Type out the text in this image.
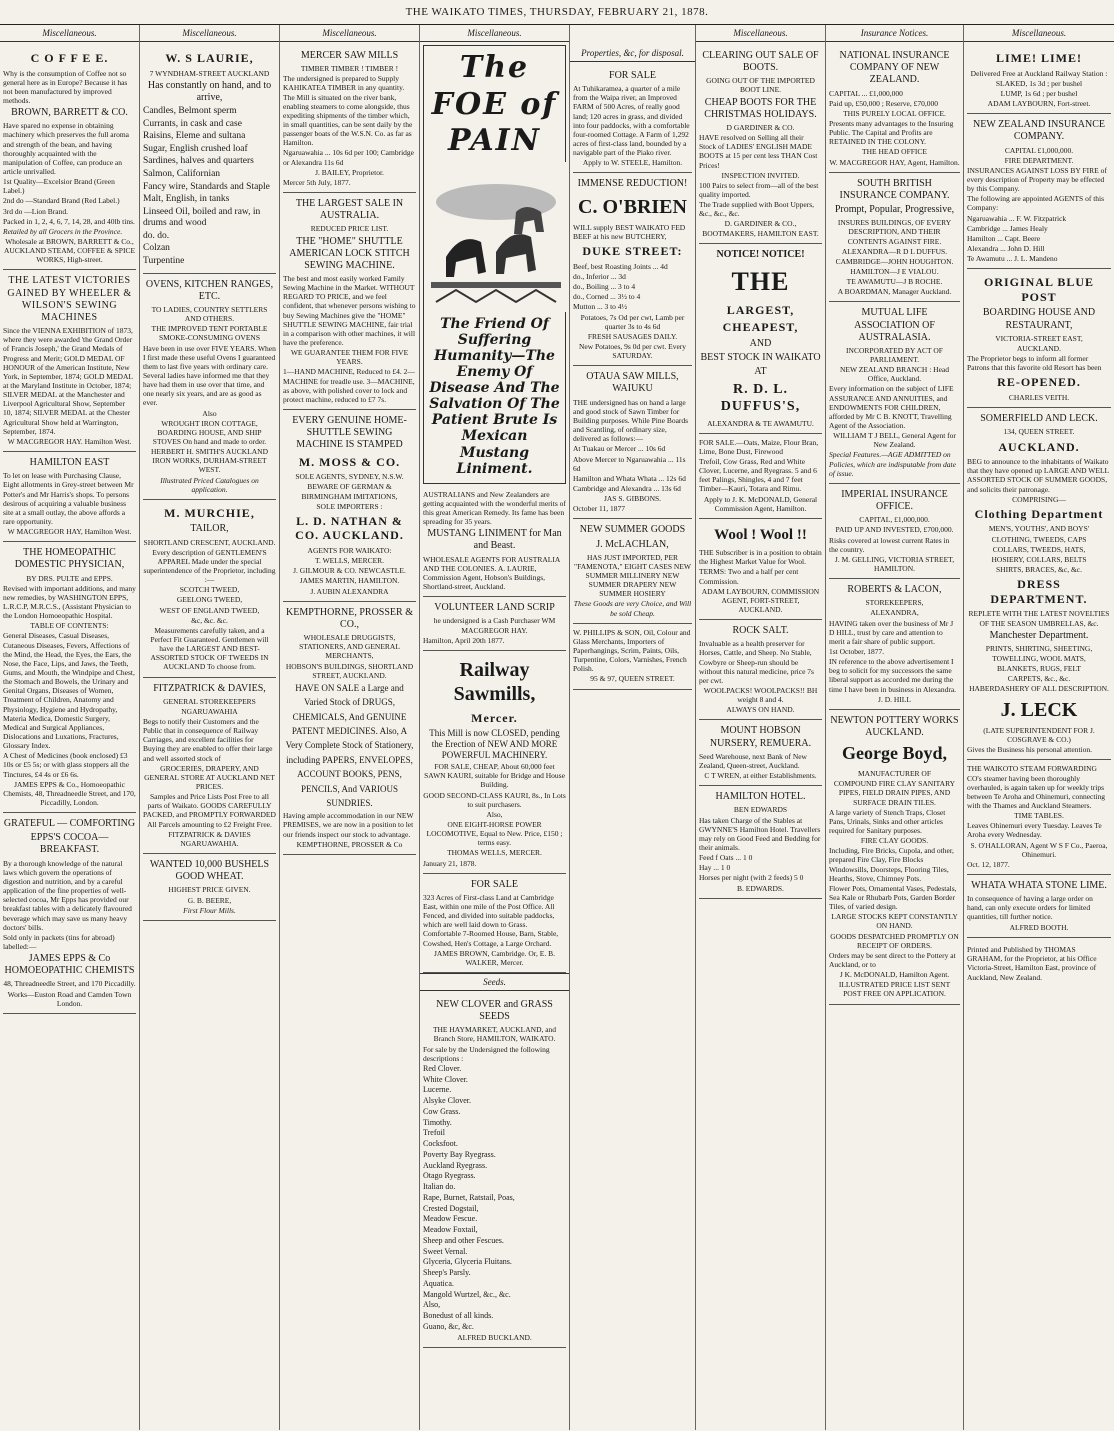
THE WAIKATO TIMES, THURSDAY, FEBRUARY 21, 1878.
Miscellaneous.
C O F F E E.

Why is the consumption of Coffee not so general here as in Europe? Because it has not been manufactured by improved methods.

BROWN, BARRETT & CO.

Have spared no expense in obtaining machinery which preserves the full aroma and strength of the bean, and having thoroughly acquainted with the manipulation of Coffee, can produce an article unrivalled.

1st Quality—Excelsior Brand (Green Label.)

2nd do —Standard Brand (Red Label.)

3rd do —Lion Brand.

Packed in 1, 2, 4, 6, 7, 14, 28, and 40lb tins.

Retailed by all Grocers in the Province.

Wholesale at BROWN, BARRETT & Co., AUCKLAND STEAM, COFFEE & SPICE WORKS, High-street.

THE LATEST VICTORIES GAINED BY WHEELER & WILSON'S SEWING MACHINES

Since the VIENNA EXHIBITION of 1873, where they were awarded 'the Grand Order of Francis Joseph,' the Grand Medals of Progress and Merit; GOLD MEDAL OF HONOUR of the American Institute, New York, in September, 1874; GOLD MEDAL at the Maryland Institute in October, 1874; SILVER MEDAL at the Manchester and Liverpool Agricultural Show, September 10, 1874; SILVER MEDAL at the Chester Agricultural Show held at Warrington, September, 1874.

W MACGREGOR HAY. Hamilton West.

HAMILTON EAST

To let on lease with Purchasing Clause, Eight allotments in Grey-street between Mr Potter's and Mr Harris's shops. To persons desirous of acquiring a valuable business site at a small outlay, the above affords a rare opportunity.

W MACGREGOR HAY, Hamilton West.

THE HOMEOPATHIC DOMESTIC PHYSICIAN,

BY DRS. PULTE and EPPS.

Revised with important additions, and many new remedies, by WASHINGTON EPPS, L.R.C.P, M.R.C.S., (Assistant Physician to the London Homoeopathic Hospital.

TABLE OF CONTENTS:

General Diseases, Casual Diseases, Cutaneous Diseases, Fevers, Affections of the Mind, the Head, the Eyes, the Ears, the Nose, the Face, Lips, and Jaws, the Teeth, Gums, and Mouth, the Windpipe and Chest, the Stomach and Bowels, the Urinary and Genital Organs, Diseases of Women, Treatment of Children, Anatomy and Physiology, Hygiene and Hydropathy, Materia Medica, Domestic Surgery, Medical and Surgical Appliances, Dislocations and Luxations, Fractures, Glossary Index.

A Chest of Medicines (book enclosed) £3 10s or £5 5s; or with glass stoppers all the Tinctures, £4 4s or £6 6s.

JAMES EPPS & Co., Homoeopathic Chemists, 48, Threadneedle Street, and 170, Piccadilly, London.

GRATEFUL — COMFORTING
EPPS'S COCOA—BREAKFAST.

By a thorough knowledge of the natural laws which govern the operations of digestion and nutrition, and by a careful application of the fine properties of well-selected cocoa, Mr Epps has provided our breakfast tables with a delicately flavoured beverage which may save us many heavy doctors' bills.

Sold only in packets (tins for abroad) labelled:—

JAMES EPPS & Co HOMOEOPATHIC CHEMISTS

48, Threadneedle Street, and 170 Piccadilly.

Works—Euston Road and Camden Town London.

Miscellaneous.
W. S LAURIE,

7 WYNDHAM-STREET AUCKLAND

Has constantly on hand, and to arrive,

Candles, Belmont sperm

Currants, in cask and case

Raisins, Eleme and sultana

Sugar, English crushed loaf

Sardines, halves and quarters

Salmon, Californian

Fancy wire, Standards and Staple

Malt, English, in tanks

Linseed Oil, boiled and raw, in drums and wood

do. do.

Colzan

Turpentine

OVENS, KITCHEN RANGES, ETC.

TO LADIES, COUNTRY SETTLERS AND OTHERS.

THE IMPROVED TENT PORTABLE SMOKE-CONSUMING OVENS

Have been in use over FIVE YEARS. When I first made these useful Ovens I guaranteed them to last five years with ordinary care. Several ladies have informed me that they have had them in use over that time, and one nearly six years, and are as good as ever.

Also

WROUGHT IRON COTTAGE, BOARDING HOUSE, AND SHIP STOVES On hand and made to order.

HERBERT H. SMITH'S AUCKLAND IRON WORKS, DURHAM-STREET WEST.

Illustrated Priced Catalogues on application.

M. MURCHIE,
TAILOR,

SHORTLAND CRESCENT, AUCKLAND.

Every description of GENTLEMEN'S APPAREL Made under the special superintendence of the Proprietor, including :—

SCOTCH TWEED,

GEELONG TWEED,

WEST OF ENGLAND TWEED,

&c, &c. &c.

Measurements carefully taken, and a Perfect Fit Guaranteed. Gentlemen will have the LARGEST AND BEST-ASSORTED STOCK OF TWEEDS IN AUCKLAND To choose from.

FITZPATRICK & DAVIES,

GENERAL STOREKEEPERS

NGARUAWAHIA

Begs to notify their Customers and the Public that in consequence of Railway Carriages, and excellent facilities for Buying they are enabled to offer their large and well assorted stock of

GROCERIES, DRAPERY, AND GENERAL STORE AT AUCKLAND NET PRICES.

Samples and Price Lists Post Free to all parts of Waikato. GOODS CAREFULLY PACKED, and PROMPTLY FORWARDED All Parcels amounting to £2 Freight Free.

FITZPATRICK & DAVIES NGARUAWAHIA.

WANTED 10,000 BUSHELS GOOD WHEAT.

HIGHEST PRICE GIVEN.

G. B. BEERE,

First Flour Mills.

Miscellaneous.
MERCER SAW MILLS

TIMBER TIMBER ! TIMBER !

The undersigned is prepared to Supply KAHIKATEA TIMBER in any quantity. The Mill is situated on the river bank, enabling steamers to come alongside, thus expediting shipments of the timber which, in small quantities, can be sent daily by the passenger boats of the W.S.N. Co. as far as Hamilton.

Ngaruawahia ... 10s 6d per 100; Cambridge or Alexandra 11s 6d

J. BAILEY, Proprietor.

Mercer 5th July, 1877.

THE LARGEST SALE IN AUSTRALIA.

REDUCED PRICE LIST.

THE "HOME" SHUTTLE AMERICAN LOCK STITCH SEWING MACHINE.

The best and most easily worked Family Sewing Machine in the Market. WITHOUT REGARD TO PRICE, and we feel confident, that whenever persons wishing to buy Sewing Machines give the "HOME" SHUTTLE SEWING MACHINE, fair trial in a comparison with other machines, it will have the preference.

WE GUARANTEE THEM FOR FIVE YEARS.

1—HAND MACHINE, Reduced to £4. 2—MACHINE for treadle use. 3—MACHINE, as above, with polished cover to lock and protect machine, reduced to £7 7s.

EVERY GENUINE HOME-SHUTTLE SEWING MACHINE IS STAMPED
M. MOSS & CO.

SOLE AGENTS, SYDNEY, N.S.W.

BEWARE OF GERMAN & BIRMINGHAM IMITATIONS,

SOLE IMPORTERS :

L. D. NATHAN & CO. AUCKLAND.

AGENTS FOR WAIKATO:

T. WELLS, MERCER.

J. GILMOUR & CO. NEWCASTLE.

JAMES MARTIN, HAMILTON.

J. AUBIN ALEXANDRA

KEMPTHORNE, PROSSER & CO.,

WHOLESALE DRUGGISTS, STATIONERS, AND GENERAL MERCHANTS,

HOBSON'S BUILDINGS, SHORTLAND STREET, AUCKLAND.

HAVE ON SALE a Large and Varied Stock of DRUGS, CHEMICALS, And GENUINE PATENT MEDICINES. Also, A Very Complete Stock of Stationery, including PAPERS, ENVELOPES, ACCOUNT BOOKS, PENS, PENCILS, And VARIOUS SUNDRIES.

Having ample accommodation in our NEW PREMISES, we are now in a position to let our friends inspect our stock to advantage.

KEMPTHORNE, PROSSER & Co

Miscellaneous.
The FOE of PAIN
The Friend Of Suffering Humanity—The Enemy Of Disease And The Salvation Of The Patient Brute Is Mexican Mustang Liniment.

AUSTRALIANS and New Zealanders are getting acquainted with the wonderful merits of this great American Remedy. Its fame has been spreading for 35 years.

MUSTANG LINIMENT for Man and Beast.

WHOLESALE AGENTS FOR AUSTRALIA AND THE COLONIES. A. LAURIE, Commission Agent, Hobson's Buildings, Shortland-street, Auckland.

VOLUNTEER LAND SCRIP

he undersigned is a Cash Purchaser WM MACGREGOR HAY.

Hamilton, April 20th 1877.

Railway Sawmills,
Mercer.

This Mill is now CLOSED, pending the Erection of NEW AND MORE POWERFUL MACHINERY.

FOR SALE, CHEAP, About 60,000 feet SAWN KAURI, suitable for Bridge and House Building.

GOOD SECOND-CLASS KAURI, 8s., In Lots to suit purchasers.

Also,

ONE EIGHT-HORSE POWER LOCOMOTIVE, Equal to New. Price, £150 ; terms easy.

THOMAS WELLS, MERCER.

January 21, 1878.

FOR SALE

323 Acres of First-class Land at Cambridge East, within one mile of the Post Office. All Fenced, and divided into suitable paddocks, which are well laid down to Grass. Comfortable 7-Roomed House, Barn, Stable, Cowshed, Hen's Cottage, a Large Orchard.

JAMES BROWN, Cambridge. Or, E. B. WALKER, Mercer.

Seeds.
NEW CLOVER and GRASS SEEDS

THE HAYMARKET, AUCKLAND, and Branch Store, HAMILTON, WAIKATO.

For sale by the Undersigned the following descriptions :

Red Clover.

White Clover.

Lucerne.

Alsyke Clover.

Cow Grass.

Timothy.

Trefoil

Cocksfoot.

Poverty Bay Ryegrass.

Auckland Ryegrass.

Otago Ryegrass.

Italian do.

Rape, Burnet, Ratstail, Poas,

Crested Dogstail,

Meadow Fescue.

Meadow Foxtail,

Sheep and other Fescues.

Sweet Vernal.

Glyceria, Glyceria Fluitans.

Sheep's Parsly.

Aquatica.

Mangold Wurtzel, &c., &c.

Also,

Bonedust of all kinds.

Guano, &c, &c.

ALFRED BUCKLAND.

Properties, &c, for disposal.
FOR SALE

At Tuhikaramea, a quarter of a mile from the Waipa river, an Improved FARM of 500 Acres, of really good land; 120 acres in grass, and divided into four paddocks, with a comfortable four-roomed Cottage. A Farm of 1,292 acres of first-class land, bounded by a navigable part of the Piako river.

Apply to W. STEELE, Hamilton.

IMMENSE REDUCTION!
C. O'BRIEN

WILL supply BEST WAIKATO FED BEEF at his new BUTCHERY,

DUKE STREET:

Beef, best Roasting Joints ... 4d

do., Inferior ... 3d

do., Boiling ... 3 to 4

do., Corned ... 3½ to 4

Mutton ... 3 to 4½

Potatoes, 7s Od per cwt, Lamb per quarter 3s to 4s 6d

FRESH SAUSAGES DAILY.

New Potatoes, 9s 0d per cwt. Every SATURDAY.

OTAUA SAW MILLS, WAIUKU

THE undersigned has on hand a large and good stock of Sawn Timber for Building purposes. While Pine Boards and Scantling, of ordinary size, delivered as follows:—

At Tuakau or Mercer ... 10s 6d

Above Mercer to Ngaruawahia ... 11s 6d

Hamilton and Whata Whata ... 12s 6d

Cambridge and Alexandra ... 13s 6d

JAS S. GIBBONS.

October 11, 1877

NEW SUMMER GOODS
J. McLACHLAN,

HAS JUST IMPORTED, PER "FAMENOTA," EIGHT CASES NEW SUMMER MILLINERY NEW SUMMER DRAPERY NEW SUMMER HOSIERY

These Goods are very Choice, and Will be sold Cheap.

W. PHILLIPS & SON, Oil, Colour and Glass Merchants, Importers of Paperhangings, Scrim, Paints, Oils, Turpentine, Colors, Varnishes, French Polish.

95 & 97, QUEEN STREET.

Miscellaneous.
CLEARING OUT SALE OF BOOTS.

GOING OUT OF THE IMPORTED BOOT LINE.

CHEAP BOOTS FOR THE CHRISTMAS HOLIDAYS.

D GARDINER & CO.

HAVE resolved on Selling all their Stock of LADIES' ENGLISH MADE BOOTS at 15 per cent less THAN Cost Prices!

INSPECTION INVITED.

100 Pairs to select from—all of the best quality imported.

The Trade supplied with Boot Uppers, &c., &c., &c.

D. GARDINER & CO., BOOTMAKERS, HAMILTON EAST.

NOTICE! NOTICE!
THE
LARGEST,
CHEAPEST,
AND
BEST STOCK IN WAIKATO
AT
R. D. L. DUFFUS'S,

ALEXANDRA & TE AWAMUTU.

FOR SALE.—Oats, Maize, Flour Bran, Lime, Bone Dust, Firewood

Trefoil, Cow Grass, Red and White Clover, Lucerne, and Ryegrass. 5 and 6 feet Palings, Shingles, 4 and 7 feet Timber—Kauri, Totara and Rimu.

Apply to J. K. McDONALD, General Commission Agent, Hamilton.

Wool ! Wool !!

THE Subscriber is in a position to obtain the Highest Market Value for Wool.

TERMS: Two and a half per cent Commission.

ADAM LAYBOURN, COMMISSION AGENT, FORT-STREET, AUCKLAND.

ROCK SALT.

Invaluable as a health preserver for Horses, Cattle, and Sheep. No Stable, Cowbyre or Sheep-run should be without this natural medicine, price 7s per cwt.

WOOLPACKS! WOOLPACKS!! BH weight 8 and 4.

ALWAYS ON HAND.

MOUNT HOBSON NURSERY, REMUERA.

Seed Warehouse, next Bank of New Zealand, Queen-street, Auckland.

C T WREN, at either Establishments.

HAMILTON HOTEL.

BEN EDWARDS

Has taken Charge of the Stables at GWYNNE'S Hamilton Hotel. Travellers may rely on Good Feed and Bedding for their animals.

Feed f Oats ... 1 0

Hay ... 1 0

Horses per night (with 2 feeds) 5 0

B. EDWARDS.

Insurance Notices.
NATIONAL INSURANCE COMPANY OF NEW ZEALAND.

CAPITAL ... £1,000,000

Paid up, £50,000 ; Reserve, £70,000

THIS PURELY LOCAL OFFICE.

Presents many advantages to the Insuring Public. The Capital and Profits are RETAINED IN THE COLONY.

THE HEAD OFFICE

W. MACGREGOR HAY, Agent, Hamilton.

SOUTH BRITISH INSURANCE COMPANY.
Prompt, Popular, Progressive,

INSURES BUILDINGS, OF EVERY DESCRIPTION, AND THEIR CONTENTS AGAINST FIRE.

ALEXANDRA—R D L DUFFUS.

CAMBRIDGE—JOHN HOUGHTON.

HAMILTON—J E VIALOU.

TE AWAMUTU—J B ROCHE.

A BOARDMAN, Manager Auckland.

MUTUAL LIFE ASSOCIATION OF AUSTRALASIA.

INCORPORATED BY ACT OF PARLIAMENT.

NEW ZEALAND BRANCH : Head Office, Auckland.

Every information on the subject of LIFE ASSURANCE AND ANNUITIES, and ENDOWMENTS FOR CHILDREN, afforded by Mr C B. KNOTT, Travelling Agent of the Association.

WILLIAM T J BELL, General Agent for New Zealand.

Special Features.—AGE ADMITTED on Policies, which are indisputable from date of issue.

IMPERIAL INSURANCE OFFICE.

CAPITAL, £1,000,000.

PAID UP AND INVESTED, £700,000.

Risks covered at lowest current Rates in the country.

J. M. GELLING, VICTORIA STREET, HAMILTON.

ROBERTS & LACON,

STOREKEEPERS,

ALEXANDRA,

HAVING taken over the business of Mr J D HILL, trust by care and attention to merit a fair share of public support.

1st October, 1877.

IN reference to the above advertisement I beg to solicit for my successors the same liberal support as accorded me during the time I have been in business in Alexandra.

J. D. HILL

NEWTON POTTERY WORKS AUCKLAND.
George Boyd,

MANUFACTURER OF

COMPOUND FIRE CLAY SANITARY PIPES, FIELD DRAIN PIPES, AND SURFACE DRAIN TILES.

A large variety of Stench Traps, Closet Pans, Urinals, Sinks and other articles required for Sanitary purposes.

FIRE CLAY GOODS.

Including, Fire Bricks, Cupola, and other, prepared Fire Clay, Fire Blocks Windowsills, Doorsteps, Flooring Tiles, Hearths, Stove, Chimney Pots.

Flower Pots, Ornamental Vases, Pedestals, Sea Kale or Rhubarb Pots, Garden Border Tiles, of varied design.

LARGE STOCKS KEPT CONSTANTLY ON HAND.

GOODS DESPATCHED PROMPTLY ON RECEIPT OF ORDERS.

Orders may be sent direct to the Pottery at Auckland, or to

J K. McDONALD, Hamilton Agent.

ILLUSTRATED PRICE LIST SENT POST FREE ON APPLICATION.

Miscellaneous.
LIME! LIME!

Delivered Free at Auckland Railway Station :

SLAKED, 1s 3d ; per bushel

LUMP, 1s 6d ; per bushel

ADAM LAYBOURN, Fort-street.

NEW ZEALAND INSURANCE COMPANY.

CAPITAL £1,000,000.

FIRE DEPARTMENT.

INSURANCES AGAINST LOSS BY FIRE of every description of Property may be effected by this Company.

The following are appointed AGENTS of this Company:

Ngaruawahia ... F. W. Fitzpatrick

Cambridge ... James Healy

Hamilton ... Capt. Beere

Alexandra ... John D. Hill

Te Awamutu ... J. L. Mandeno

ORIGINAL BLUE POST
BOARDING HOUSE AND RESTAURANT,

VICTORIA-STREET EAST,

AUCKLAND.

The Proprietor begs to inform all former Patrons that this favorite old Resort has been

RE-OPENED.

CHARLES VEITH.

SOMERFIELD AND LECK.

134, QUEEN STREET.

AUCKLAND.

BEG to announce to the inhabitants of Waikato that they have opened up LARGE AND WELL ASSORTED STOCK OF SUMMER GOODS, and solicits their patronage.

COMPRISING—

Clothing Department

MEN'S, YOUTHS', AND BOYS'

CLOTHING, TWEEDS, CAPS

COLLARS, TWEEDS, HATS,

HOSIERY, COLLARS, BELTS

SHIRTS, BRACES, &c, &c.

DRESS DEPARTMENT.

REPLETE WITH THE LATEST NOVELTIES OF THE SEASON UMBRELLAS, &c.

Manchester Department.

PRINTS, SHIRTING, SHEETING,

TOWELLING, WOOL MATS,

BLANKETS, RUGS, FELT

CARPETS, &c., &c.

HABERDASHERY OF ALL DESCRIPTION.

J. LECK

(LATE SUPERINTENDENT FOR J. COSGRAVE & CO.)

Gives the Business his personal attention.

THE WAIKOTO STEAM FORWARDING CO's steamer having been thoroughly overhauled, is again taken up for weekly trips between Te Aroha and Ohinemuri, connecting with the Thames and Auckland Steamers.

TIME TABLES.

Leaves Ohinemuri every Tuesday. Leaves Te Aroha every Wednesday.

S. O'HALLORAN, Agent W S F Co., Paeroa, Ohinemuri.

Oct. 12, 1877.

WHATA WHATA STONE LIME.

In consequence of having a large order on hand, can only execute orders for limited quantities, till further notice.

ALFRED BOOTH.

Printed and Published by THOMAS GRAHAM, for the Proprietor, at his Office Victoria-Street, Hamilton East, province of Auckland, New Zealand.
